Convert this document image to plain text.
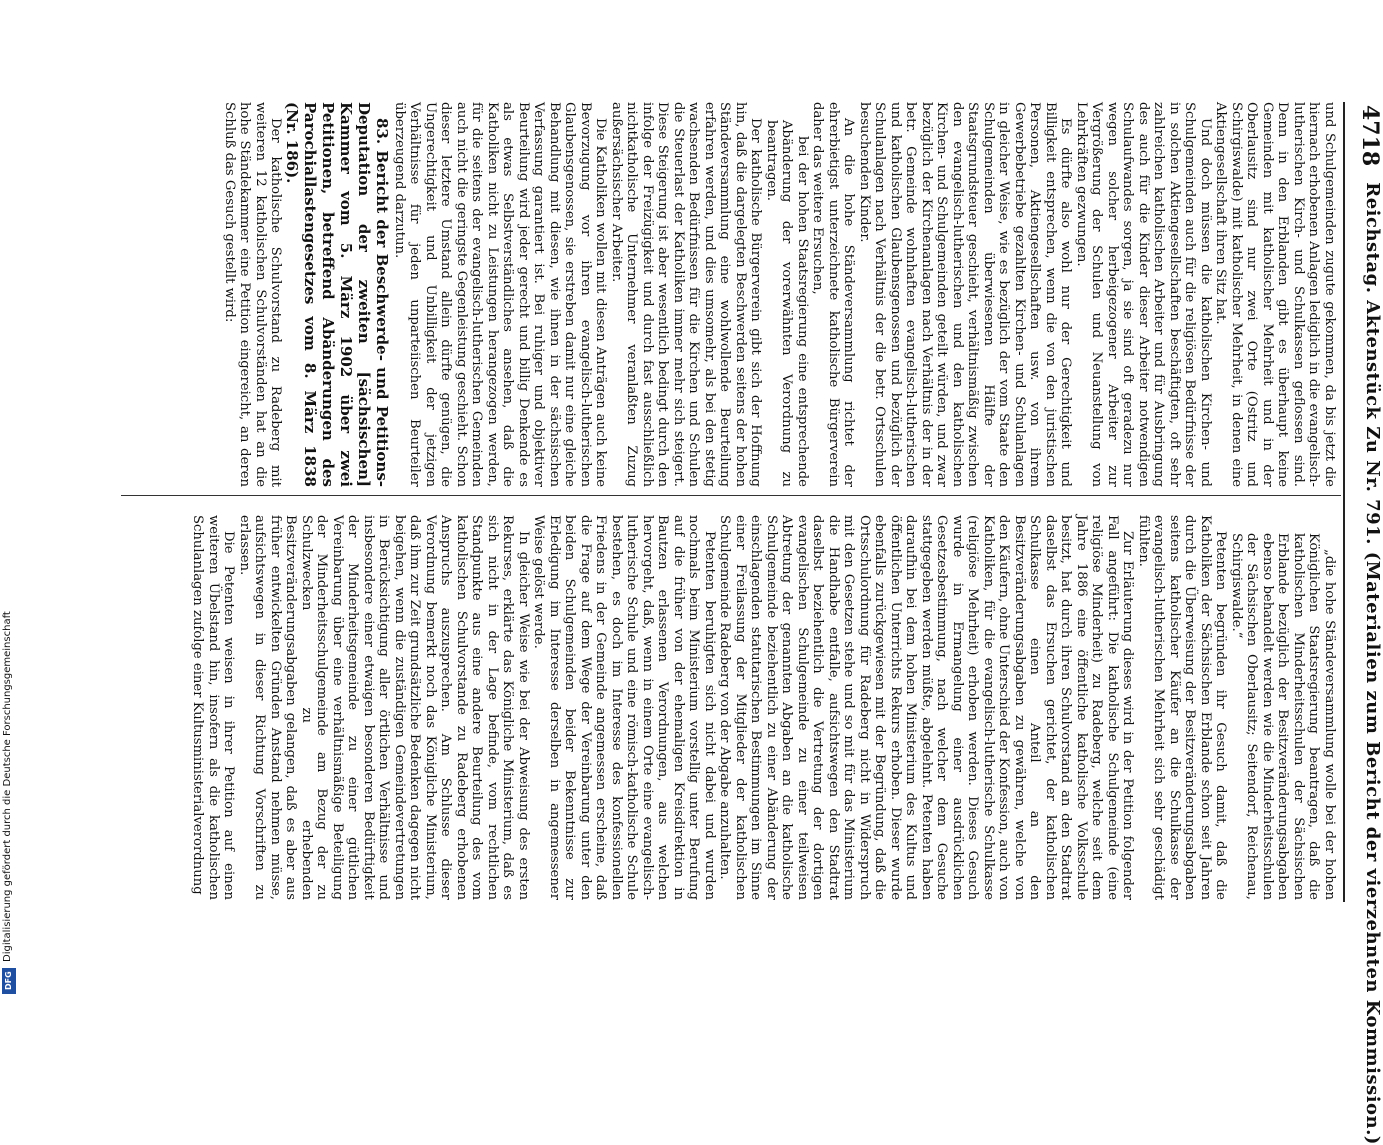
4718
Reichstag. Aktenstück Zu Nr. 791. (Materialien zum Bericht der vierzehnten Kommission.)

und Schulgemeinden zugute gekommen, da bis jetzt die hiernach erhobenen Anlagen lediglich in die evangelisch-lutherischen Kirch- und Schulkassen geflossen sind. Denn in den Erblanden gibt es überhaupt keine Gemeinden mit katholischer Mehrheit und in der Oberlausitz sind nur zwei Orte (Ostritz und Schirgiswalde) mit katholischer Mehrheit, in denen eine Aktiengesellschaft ihren Sitz hat.

Und doch müssen die katholischen Kirchen- und Schulgemeinden auch für die religiösen Bedürfnisse der in solchen Aktiengesellschaften beschäftigten, oft sehr zahlreichen katholischen Arbeiter und für Ausbringung des auch für die Kinder dieser Arbeiter notwendigen Schulaufwandes sorgen, ja sie sind oft geradezu nur wegen solcher herbeigezogener Arbeiter zur Vergrößerung der Schulen und Neuanstellung von Lehrkräften gezwungen.

Es dürfte also wohl nur der Gerechtigkeit und Billigkeit entsprechen, wenn die von den juristischen Personen, Aktiengesellschaften usw. von ihrem Gewerbebetriebe gezahlten Kirchen- und Schulanlagen in gleicher Weise, wie es bezüglich der vom Staate den Schulgemeinden überwiesenen Hälfte der Staatsgrundsteuer geschieht, verhältnismäßig zwischen den evangelisch-lutherischen und den katholischen Kirchen- und Schulgemeinden geteilt würden, und zwar bezüglich der Kirchenanlagen nach Verhältnis der in der betr. Gemeinde wohnhaften evangelisch-lutherischen und katholischen Glaubensgenossen und bezüglich der Schulanlagen nach Verhältnis der die betr. Ortsschulen besuchenden Kinder.

An die hohe Ständeversammlung richtet der ehrerbietigst unterzeichnete katholische Bürgerverein daher das weitere Ersuchen,

bei der hohen Staatsregierung eine entsprechende Abänderung der vorerwähnten Verordnung zu beantragen.

Der katholische Bürgerverein gibt sich der Hoffnung hin, daß die dargelegten Beschwerden seitens der hohen Ständeversammlung eine wohlwollende Beurteilung erfahren werden, und dies umsomehr, als bei den stetig wachsenden Bedürfnissen für die Kirchen und Schulen die Steuerlast der Katholiken immer mehr sich steigert. Diese Steigerung ist aber wesentlich bedingt durch den infolge der Freizügigkeit und durch fast ausschließlich nichtkatholische Unternehmer veranlaßten Zuzug außersächsischer Arbeiter.

Die Katholiken wollen mit diesen Anträgen auch keine Bevorzugung vor ihren evangelisch-lutherischen Glaubensgenossen, sie erstreben damit nur eine gleiche Behandlung mit diesen, wie ihnen in der sächsischen Verfassung garantiert ist. Bei ruhiger und objektiver Beurteilung wird jeder gerecht und billig Denkende es als etwas Selbstverständliches ansehen, daß die Katholiken nicht zu Leistungen herangezogen werden, für die seitens der evangelisch-lutherischen Gemeinden auch nicht die geringste Gegenleistung geschieht. Schon dieser letztere Umstand allein dürfte genügen, die Ungerechtigkeit und Unbilligkeit der jetzigen Verhältnisse für jeden unparteiischen Beurteiler überzeugend darzutun.

83. Bericht der Beschwerde- und Petitions-Deputation der zweiten [sächsischen] Kammer vom 5. März 1902 über zwei Petitionen, betreffend Abänderungen des Parochiallastengesetzes vom 8. März 1838 (Nr. 186).

Der katholische Schulvorstand zu Radeberg mit weiteren 12 katholischen Schulvorständen hat an die hohe Ständekammer eine Petition eingereicht, an deren Schluß das Gesuch gestellt wird:

„die hohe Ständeversammlung wolle bei der hohen Königlichen Staatsregierung beantragen, daß die katholischen Minderheitsschulen der Sächsischen Erblande bezüglich der Besitzveränderungsabgaben ebenso behandelt werden wie die Minderheitsschulen der Sächsischen Oberlausitz; Seitendorf, Reichenau, Schirgiswalde.“

Petenten begründen ihr Gesuch damit, daß die Katholiken der Sächsischen Erblande schon seit Jahren durch die Überweisung der Besitzveränderungsabgaben seitens katholischer Käufer an die Schulkasse der evangelisch-lutherischen Mehrheit sich sehr geschädigt fühlten.

Zur Erläuterung dieses wird in der Petition folgender Fall angeführt: Die katholische Schulgemeinde (eine religiöse Minderheit) zu Radeberg, welche seit dem Jahre 1886 eine öffentliche katholische Volksschule besitzt, hat durch ihren Schulvorstand an den Stadtrat daselbst das Ersuchen gerichtet, der katholischen Schulkasse einen Anteil an den Besitzveränderungsabgaben zu gewähren, welche von den Käufern, ohne Unterschied der Konfession, auch von Katholiken, für die evangelisch-lutherische Schulkasse (religiöse Mehrheit) erhoben werden. Dieses Gesuch wurde in Ermangelung einer ausdrücklichen Gesetzesbestimmung, nach welcher dem Gesuche stattgegeben werden müßte, abgelehnt. Petenten haben daraufhin bei dem hohen Ministerium des Kultus und öffentlichen Unterrichts Rekurs erhoben. Dieser wurde ebenfalls zurückgewiesen mit der Begründung, daß die Ortsschulordnung für Radeberg nicht in Widerspruch mit den Gesetzen stehe und so mit für das Ministerium die Handhabe entfalle, aufsichtswegen den Stadtrat daselbst beziehentlich die Vertretung der dortigen evangelischen Schulgemeinde zu einer teilweisen Abtretung der genannten Abgaben an die katholische Schulgemeinde beziehentlich zu einer Abänderung der einschlagenden statutarischen Bestimmungen im Sinne einer Freilassung der Mitglieder der katholischen Schulgemeinde Radeberg von der Abgabe anzuhalten.

Petenten beruhigten sich nicht dabei und wurden nochmals beim Ministerium vorstellig unter Berufung auf die früher von der ehemaligen Kreisdirektion in Bautzen erlassenen Verordnungen, aus welchen hervorgeht, daß, wenn in einem Orte eine evangelisch-lutherische Schule und eine römisch-katholische Schule bestehen, es doch im Interesse des konfessionellen Friedens in der Gemeinde angemessen erscheine, daß die Frage auf dem Wege der Vereinbarung unter den beiden Schulgemeinden beider Bekenntnisse zur Erledigung im Interesse derselben in angemessener Weise gelöst werde.

In gleicher Weise wie bei der Abweisung des ersten Rekurses, erklärte das Königliche Ministerium, daß es sich nicht in der Lage befinde, vom rechtlichen Standpunkte aus eine andere Beurteilung des vom katholischen Schulvorstande zu Radeberg erhobenen Anspruchs auszusprechen. Am Schlusse dieser Verordnung bemerkt noch das Königliche Ministerium, daß ihm zur Zeit grundsätzliche Bedenken dagegen nicht beigehen, wenn die zuständigen Gemeindevertretungen in Berücksichtigung aller örtlichen Verhältnisse und insbesondere einer etwaigen besonderen Bedürftigkeit der Minderheitsgemeinde zu einer gütlichen Vereinbarung über eine verhältnismäßige Beteiligung der Minderheitsschulgemeinde am Bezug der zu Schulzwecken zu erhebenden Besitzveränderungsabgaben gelangen, daß es aber aus früher entwickelten Gründen Anstand nehmen müsse, aufsichtswegen in dieser Richtung Vorschriften zu erlassen.

Die Petenten weisen in ihrer Petition auf einen weiteren Übelstand hin, insofern als die katholischen Schulanlagen zufolge einer Kultusministerialverordnung

Digitalisierung gefördert durch die Deutsche Forschungsgemeinschaft
DFG
